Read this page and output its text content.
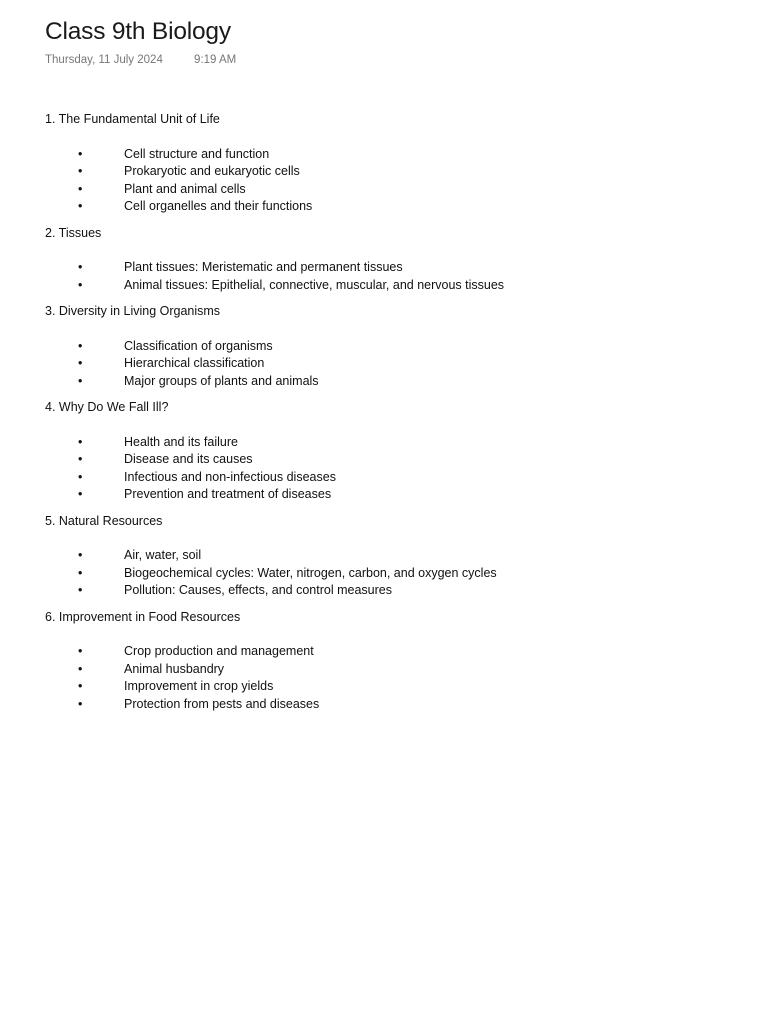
Class 9th Biology
Thursday, 11 July 2024	9:19 AM
1. The Fundamental Unit of Life
•	Cell structure and function
•	Prokaryotic and eukaryotic cells
•	Plant and animal cells
•	Cell organelles and their functions
2. Tissues
•	Plant tissues: Meristematic and permanent tissues
•	Animal tissues: Epithelial, connective, muscular, and nervous tissues
3. Diversity in Living Organisms
•	Classification of organisms
•	Hierarchical classification
•	Major groups of plants and animals
4. Why Do We Fall Ill?
•	Health and its failure
•	Disease and its causes
•	Infectious and non-infectious diseases
•	Prevention and treatment of diseases
5. Natural Resources
•	Air, water, soil
•	Biogeochemical cycles: Water, nitrogen, carbon, and oxygen cycles
•	Pollution: Causes, effects, and control measures
6. Improvement in Food Resources
•	Crop production and management
•	Animal husbandry
•	Improvement in crop yields
•	Protection from pests and diseases
